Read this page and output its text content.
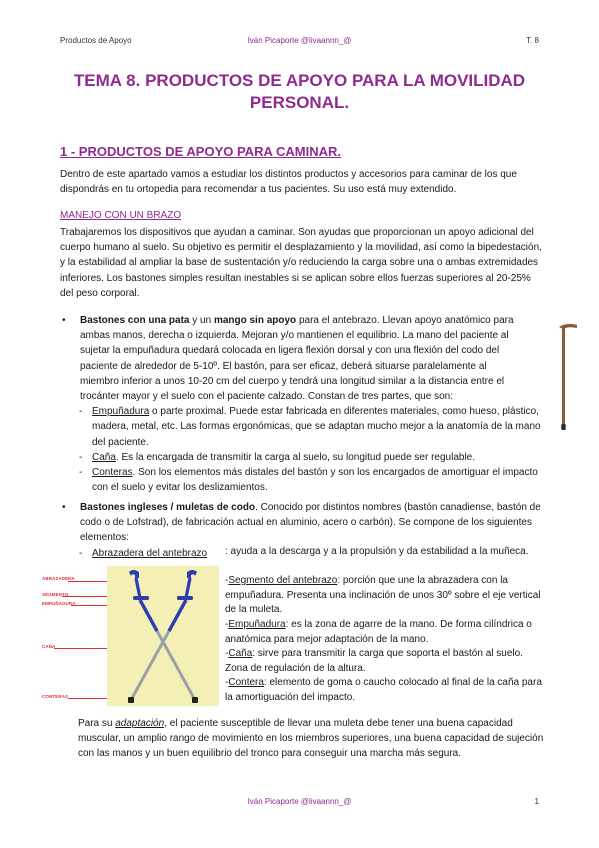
Productos de Apoyo	Iván Picaporte @livaannn_@	T. 8
TEMA 8. PRODUCTOS DE APOYO PARA LA MOVILIDAD
PERSONAL.
1 - PRODUCTOS DE APOYO PARA CAMINAR.
Dentro de este apartado vamos a estudiar los distintos productos y accesorios para caminar de los que dispondrás en tu ortopedia para recomendar a tus pacientes. Su uso está muy extendido.
MANEJO CON UN BRAZO
Trabajaremos los dispositivos que ayudan a caminar. Son ayudas que proporcionan un apoyo adicional del cuerpo humano al suelo. Su objetivo es permitir el desplazamiento y la movilidad, así como la bipedestación, y la estabilidad al ampliar la base de sustentación y/o reduciendo la carga sobre una o ambas extremidades inferiores. Los bastones simples resultan inestables si se aplican sobre ellos fuerzas superiores al 20-25% del peso corporal.
• Bastones con una pata y un mango sin apoyo para el antebrazo. Llevan apoyo anatómico para ambas manos, derecha o izquierda. Mejoran y/o mantienen el equilibrio. La mano del paciente al sujetar la empuñadura quedará colocada en ligera flexión dorsal y con una flexión del codo del paciente de alrededor de 5-10º. El bastón, para ser eficaz, deberá situarse paralelamente al miembro inferior a unos 10-20 cm del cuerpo y tendrá una longitud similar a la distancia entre el trocánter mayor y el suelo con el paciente calzado. Constan de tres partes, que son:
- Empuñadura o parte proximal. Puede estar fabricada en diferentes materiales, como hueso, plástico, madera, metal, etc. Las formas ergonómicas, que se adaptan mucho mejor a la anatomía de la mano del paciente.
- Caña. Es la encargada de transmitir la carga al suelo, su longitud puede ser regulable.
- Conteras. Son los elementos más distales del bastón y son los encargados de amortiguar el impacto con el suelo y evitar los deslizamientos.
• Bastones ingleses / muletas de codo. Conocido por distintos nombres (bastón canadiense, bastón de codo o de Lofstrad), de fabricación actual en aluminio, acero o carbón). Se compone de los siguientes elementos:
- Abrazadera del antebrazo	: ayuda a la descarga y a la propulsión y da estabilidad a la muñeca.
ABRAZADERA
SEGMENTO
EMPUÑADURA
CAÑA
CONTERAS
-Segmento del antebrazo: porción que une la abrazadera con la empuñadura. Presenta una inclinación de unos 30º sobre el eje vertical de la muleta.
-Empuñadura: es la zona de agarre de la mano. De forma cilíndrica o anatómica para mejor adaptación de la mano.
-Caña: sirve para transmitir la carga que soporta el bastón al suelo. Zona de regulación de la altura.
-Contera: elemento de goma o caucho colocado al final de la caña para la amortiguación del impacto.
Para su adaptación, el paciente susceptible de llevar una muleta debe tener una buena capacidad muscular, un amplio rango de movimiento en los miembros superiores, una buena capacidad de sujeción con las manos y un buen equilibrio del tronco para conseguir una marcha más segura.
Iván Picaporte @livaannn_@	1
